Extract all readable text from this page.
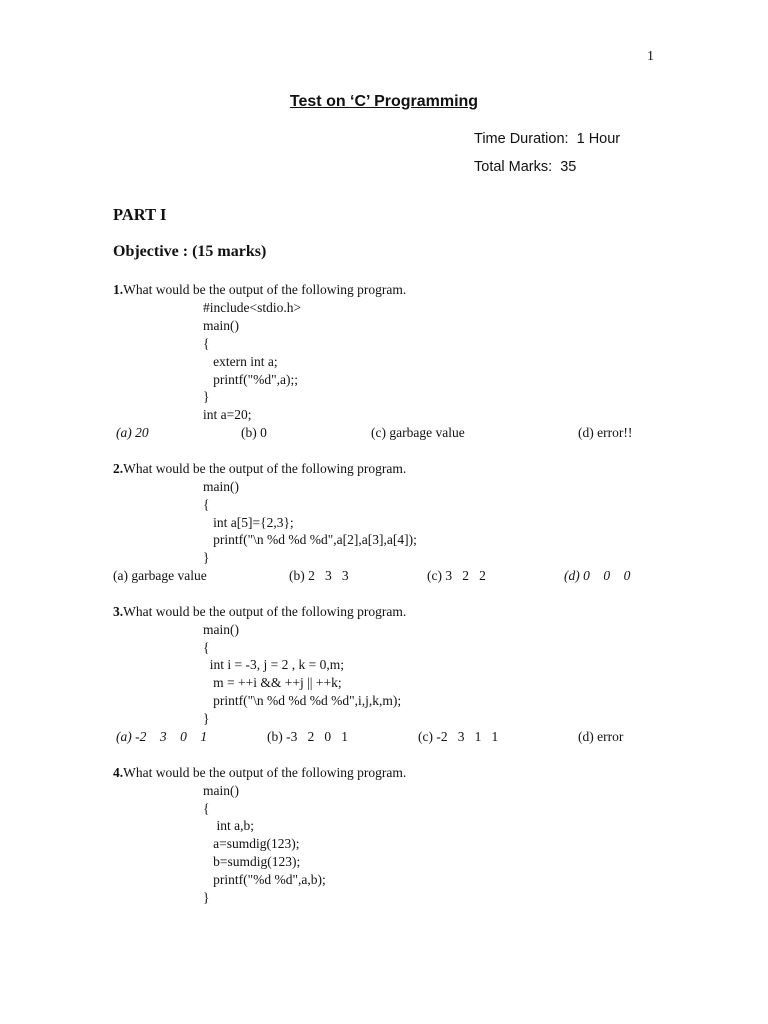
1
Test on ‘C’ Programming
Time Duration:  1 Hour
Total Marks:  35
PART I
Objective : (15 marks)
1.What would be the output of the following program.
#include<stdio.h>
main()
{
extern int a;
printf("%d",a);;
}
int a=20;
(a) 20	(b) 0	(c) garbage value	(d) error!!
2.What would be the output of the following program.
main()
{
int a[5]={2,3};
printf("\n %d %d %d",a[2],a[3],a[4]);
}
(a) garbage value	(b) 2   3   3	(c) 3   2   2	(d) 0    0    0
3.What would be the output of the following program.
main()
{
int i = -3, j = 2 , k = 0,m;
m = ++i && ++j || ++k;
printf("\n %d %d %d %d",i,j,k,m);
}
(a) -2    3    0    1	(b) -3   2   0   1	(c) -2   3   1   1	(d) error
4.What would be the output of the following program.
main()
{
int a,b;
a=sumdig(123);
b=sumdig(123);
printf("%d %d",a,b);
}
